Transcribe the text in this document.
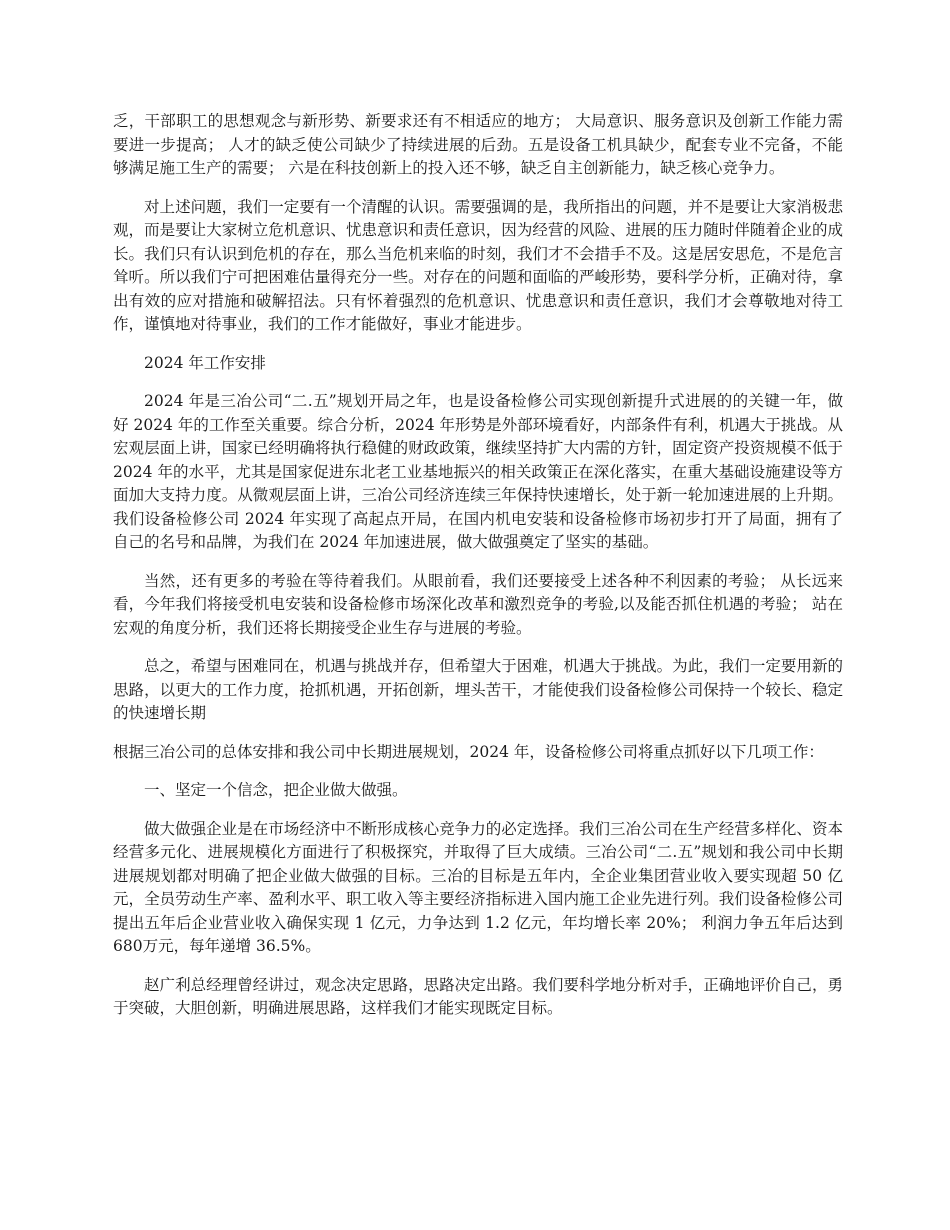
乏，干部职工的思想观念与新形势、新要求还有不相适应的地方； 大局意识、服务意识及创新工作能力需要进一步提高； 人才的缺乏使公司缺少了持续进展的后劲。五是设备工机具缺少，配套专业不完备，不能够满足施工生产的需要； 六是在科技创新上的投入还不够，缺乏自主创新能力，缺乏核心竞争力。

对上述问题，我们一定要有一个清醒的认识。需要强调的是，我所指出的问题，并不是要让大家消极悲观，而是要让大家树立危机意识、忧患意识和责任意识，因为经营的风险、进展的压力随时伴随着企业的成长。我们只有认识到危机的存在，那么当危机来临的时刻，我们才不会措手不及。这是居安思危，不是危言耸听。所以我们宁可把困难估量得充分一些。对存在的问题和面临的严峻形势，要科学分析，正确对待，拿出有效的应对措施和破解招法。只有怀着强烈的危机意识、忧患意识和责任意识，我们才会尊敬地对待工作，谨慎地对待事业，我们的工作才能做好，事业才能进步。

2024 年工作安排

2024 年是三冶公司“二.五”规划开局之年，也是设备检修公司实现创新提升式进展的的关键一年，做好 2024 年的工作至关重要。综合分析，2024 年形势是外部环境看好，内部条件有利，机遇大于挑战。从宏观层面上讲，国家已经明确将执行稳健的财政政策，继续坚持扩大内需的方针，固定资产投资规模不低于 2024 年的水平，尤其是国家促进东北老工业基地振兴的相关政策正在深化落实，在重大基础设施建设等方面加大支持力度。从微观层面上讲，三冶公司经济连续三年保持快速增长，处于新一轮加速进展的上升期。我们设备检修公司 2024 年实现了高起点开局，在国内机电安装和设备检修市场初步打开了局面，拥有了自己的名号和品牌，为我们在 2024 年加速进展，做大做强奠定了坚实的基础。

当然，还有更多的考验在等待着我们。从眼前看，我们还要接受上述各种不利因素的考验； 从长远来看，今年我们将接受机电安装和设备检修市场深化改革和激烈竞争的考验,以及能否抓住机遇的考验； 站在宏观的角度分析，我们还将长期接受企业生存与进展的考验。

总之，希望与困难同在，机遇与挑战并存，但希望大于困难，机遇大于挑战。为此，我们一定要用新的思路，以更大的工作力度，抢抓机遇，开拓创新，埋头苦干，才能使我们设备检修公司保持一个较长、稳定的快速增长期

根据三冶公司的总体安排和我公司中长期进展规划，2024 年，设备检修公司将重点抓好以下几项工作：

一、坚定一个信念，把企业做大做强。

做大做强企业是在市场经济中不断形成核心竞争力的必定选择。我们三冶公司在生产经营多样化、资本经营多元化、进展规模化方面进行了积极探究，并取得了巨大成绩。三冶公司“二.五”规划和我公司中长期进展规划都对明确了把企业做大做强的目标。三冶的目标是五年内，全企业集团营业收入要实现超 50 亿元，全员劳动生产率、盈利水平、职工收入等主要经济指标进入国内施工企业先进行列。我们设备检修公司提出五年后企业营业收入确保实现 1 亿元，力争达到 1.2 亿元，年均增长率 20%； 利润力争五年后达到 680万元，每年递增 36.5%。

赵广利总经理曾经讲过，观念决定思路，思路决定出路。我们要科学地分析对手，正确地评价自己，勇于突破，大胆创新，明确进展思路，这样我们才能实现既定目标。
